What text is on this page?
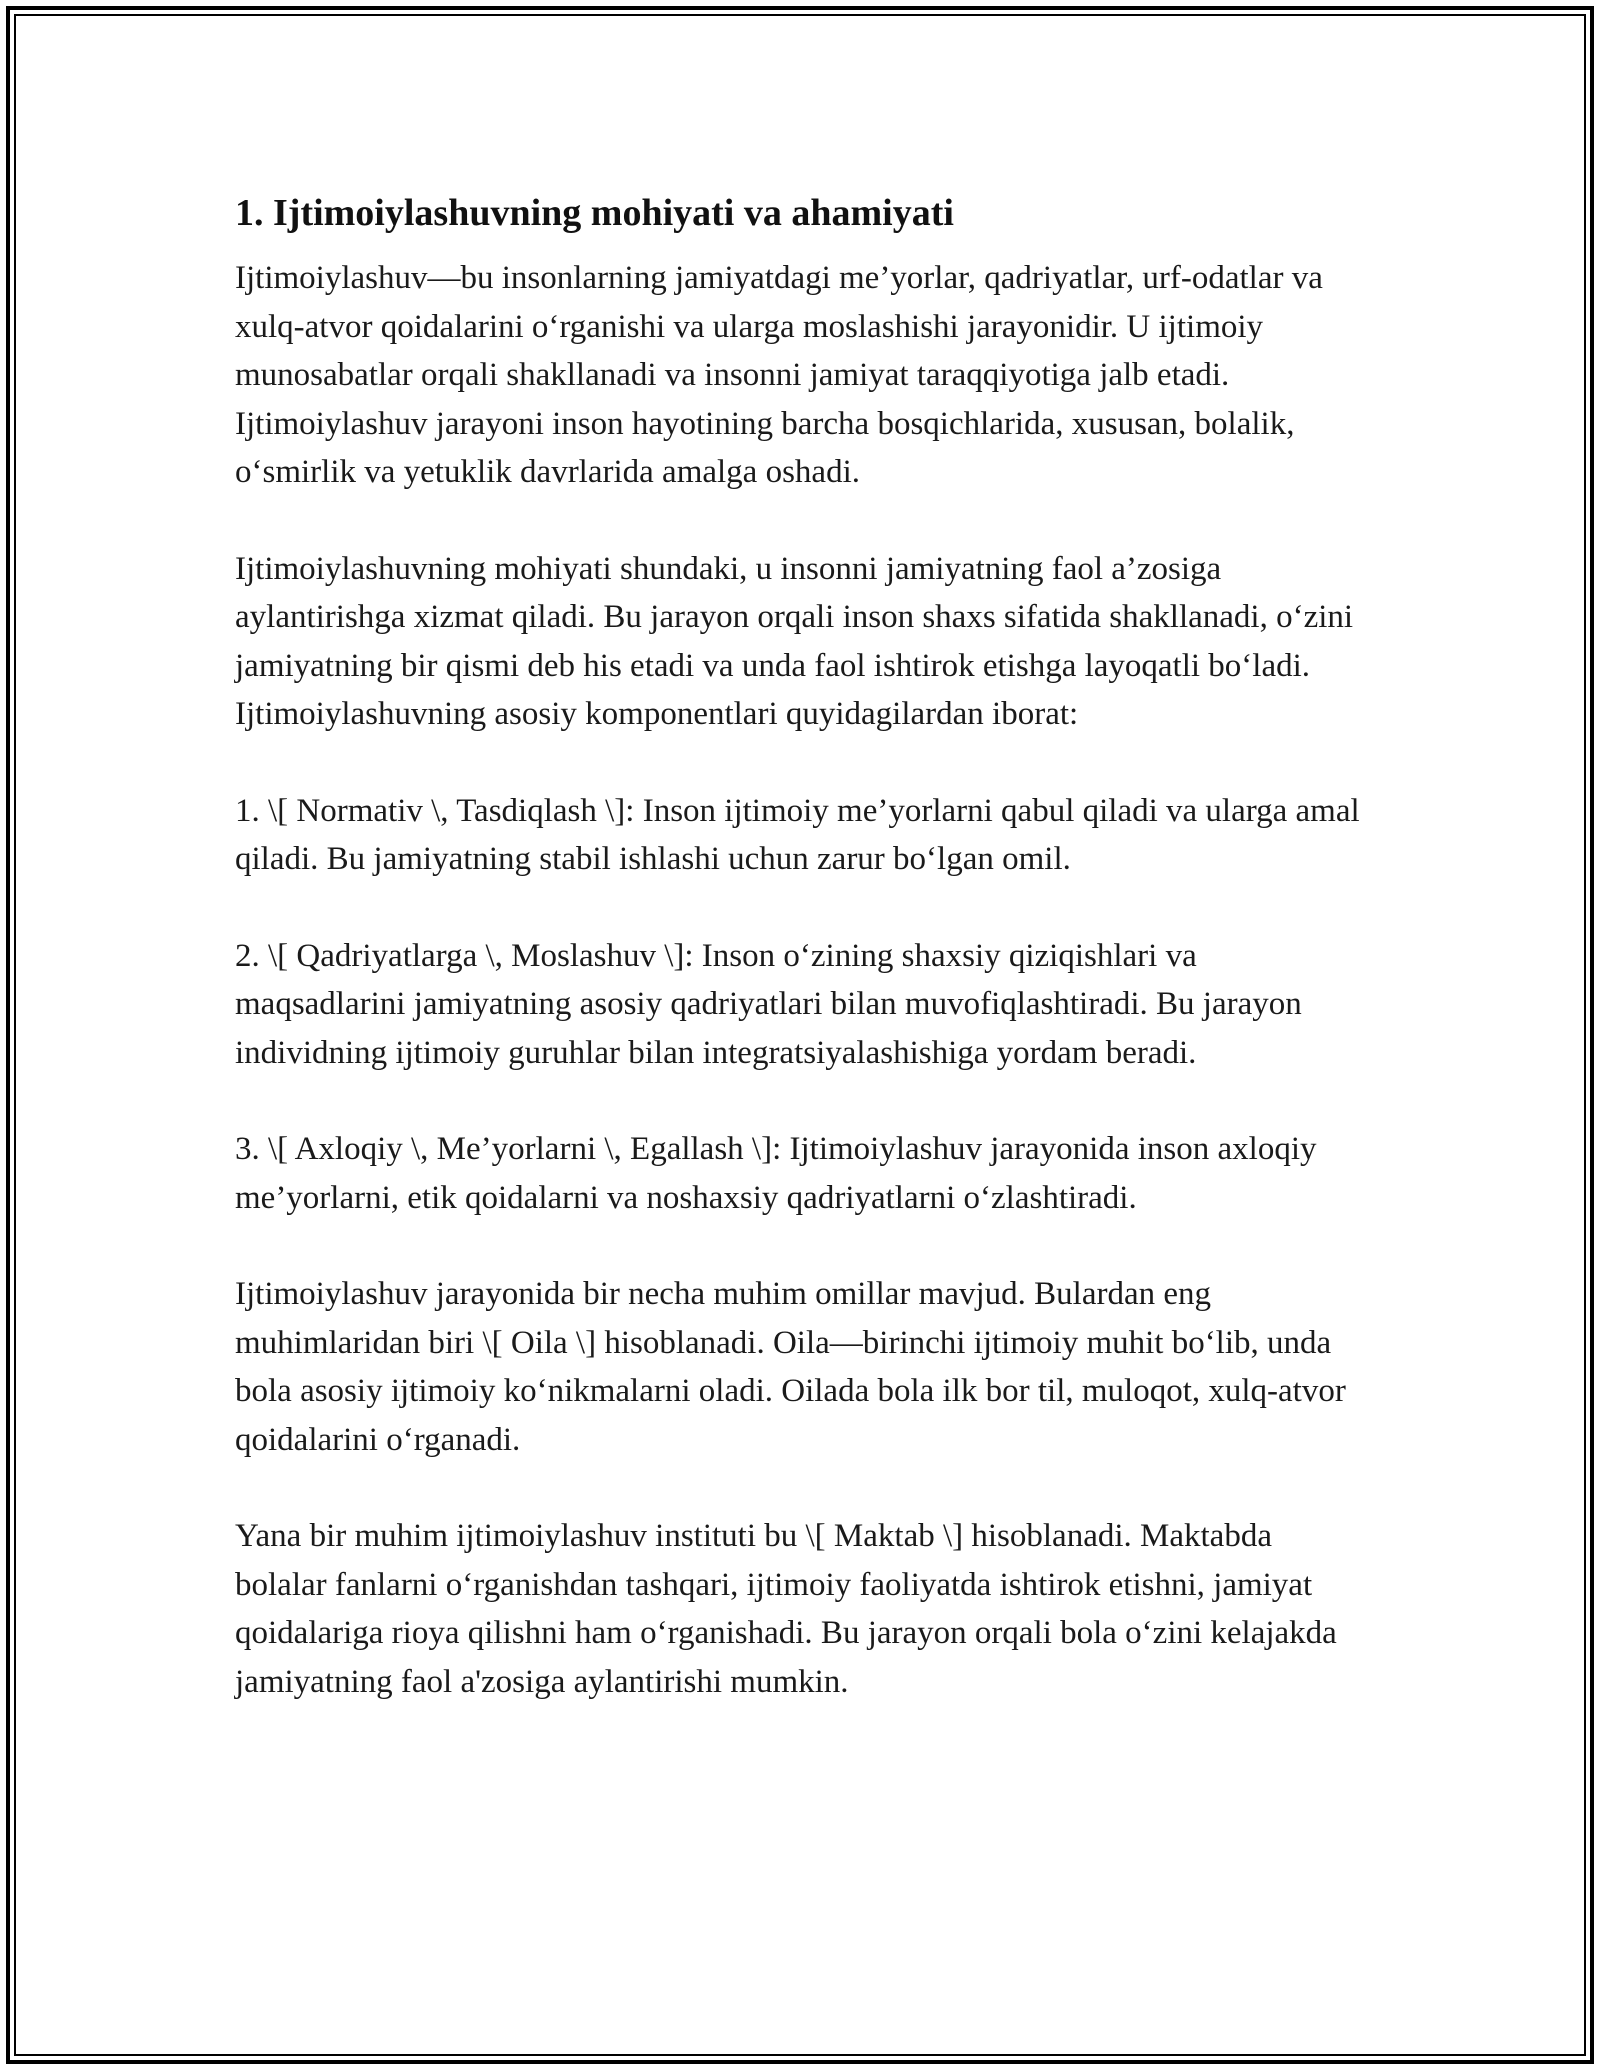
1. Ijtimoiylashuvning mohiyati va ahamiyati

Ijtimoiylashuv—bu insonlarning jamiyatdagi me’yorlar, qadriyatlar, urf-odatlar va xulq-atvor qoidalarini o‘rganishi va ularga moslashishi jarayonidir. U ijtimoiy munosabatlar orqali shakllanadi va insonni jamiyat taraqqiyotiga jalb etadi. Ijtimoiylashuv jarayoni inson hayotining barcha bosqichlarida, xususan, bolalik, o‘smirlik va yetuklik davrlarida amalga oshadi.

Ijtimoiylashuvning mohiyati shundaki, u insonni jamiyatning faol a’zosiga aylantirishga xizmat qiladi. Bu jarayon orqali inson shaxs sifatida shakllanadi, o‘zini jamiyatning bir qismi deb his etadi va unda faol ishtirok etishga layoqatli bo‘ladi. Ijtimoiylashuvning asosiy komponentlari quyidagilardan iborat:

1. \[ Normativ \, Tasdiqlash \]: Inson ijtimoiy me’yorlarni qabul qiladi va ularga amal qiladi. Bu jamiyatning stabil ishlashi uchun zarur bo‘lgan omil.

2. \[ Qadriyatlarga \, Moslashuv \]: Inson o‘zining shaxsiy qiziqishlari va maqsadlarini jamiyatning asosiy qadriyatlari bilan muvofiqlashtiradi. Bu jarayon individning ijtimoiy guruhlar bilan integratsiyalashishiga yordam beradi.

3. \[ Axloqiy \, Me’yorlarni \, Egallash \]: Ijtimoiylashuv jarayonida inson axloqiy me’yorlarni, etik qoidalarni va noshaxsiy qadriyatlarni o‘zlashtiradi.

Ijtimoiylashuv jarayonida bir necha muhim omillar mavjud. Bulardan eng muhimlaridan biri \[ Oila \] hisoblanadi. Oila—birinchi ijtimoiy muhit bo‘lib, unda bola asosiy ijtimoiy ko‘nikmalarni oladi. Oilada bola ilk bor til, muloqot, xulq-atvor qoidalarini o‘rganadi.

Yana bir muhim ijtimoiylashuv instituti bu \[ Maktab \] hisoblanadi. Maktabda bolalar fanlarni o‘rganishdan tashqari, ijtimoiy faoliyatda ishtirok etishni, jamiyat qoidalariga rioya qilishni ham o‘rganishadi. Bu jarayon orqali bola o‘zini kelajakda jamiyatning faol a'zosiga aylantirishi mumkin.
